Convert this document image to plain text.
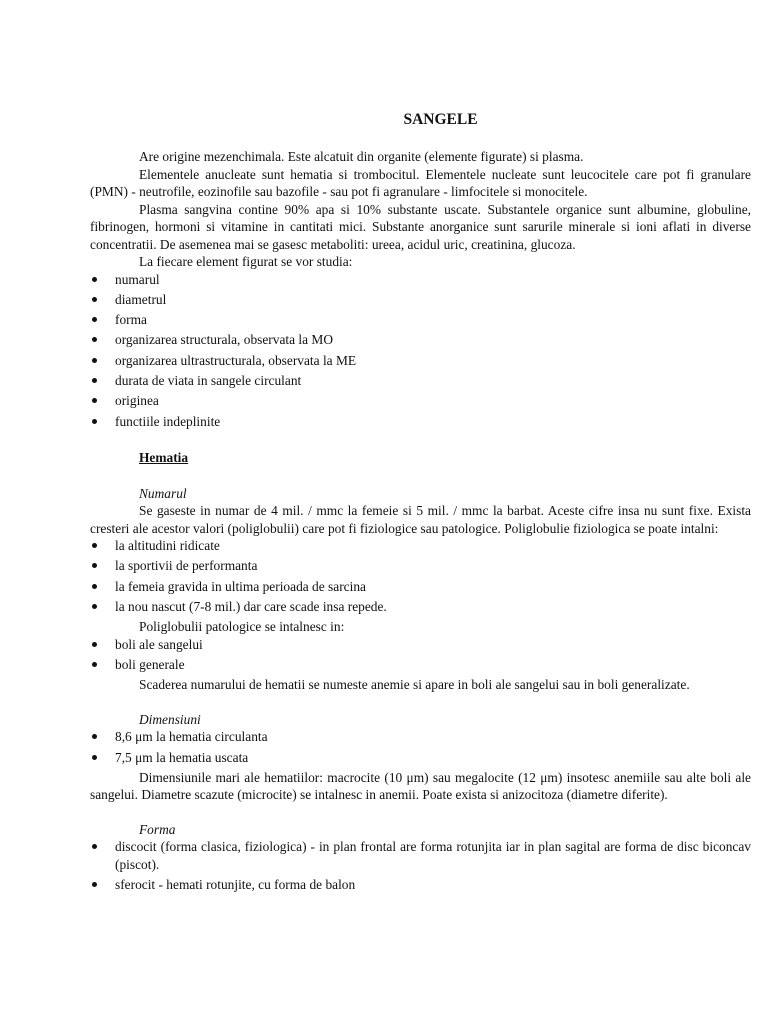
SANGELE

Are origine mezenchimala. Este alcatuit din organite (elemente figurate) si plasma.

Elementele anucleate sunt hematia si trombocitul. Elementele nucleate sunt leucocitele care pot fi granulare (PMN) - neutrofile, eozinofile sau bazofile - sau pot fi agranulare - limfocitele si monocitele.

Plasma sangvina contine 90% apa si 10% substante uscate. Substantele organice sunt albumine, globuline, fibrinogen, hormoni si vitamine in cantitati mici. Substante anorganice sunt sarurile minerale si ioni aflati in diverse concentratii. De asemenea mai se gasesc metaboliti: ureea, acidul uric, creatinina, glucoza.

La fiecare element figurat se vor studia:

numarul
diametrul
forma
organizarea structurala, observata la MO
organizarea ultrastructurala, observata la ME
durata de viata in sangele circulant
originea
functiile indeplinite

Hematia

Numarul

Se gaseste in numar de 4 mil. / mmc la femeie si 5 mil. / mmc la barbat. Aceste cifre insa nu sunt fixe. Exista cresteri ale acestor valori (poliglobulii) care pot fi fiziologice sau patologice. Poliglobulie fiziologica se poate intalni:

la altitudini ridicate
la sportivii de performanta
la femeia gravida in ultima perioada de sarcina
la nou nascut (7-8 mil.) dar care scade insa repede.

Poliglobulii patologice se intalnesc in:

boli ale sangelui
boli generale

Scaderea numarului de hematii se numeste anemie si apare in boli ale sangelui sau in boli generalizate.

Dimensiuni

8,6 μm la hematia circulanta
7,5 μm la hematia uscata

Dimensiunile mari ale hematiilor: macrocite (10 μm) sau megalocite (12 μm) insotesc anemiile sau alte boli ale sangelui. Diametre scazute (microcite) se intalnesc in anemii. Poate exista si anizocitoza (diametre diferite).

Forma

discocit (forma clasica, fiziologica) - in plan frontal are forma rotunjita iar in plan sagital are forma de disc biconcav (piscot).
sferocit - hemati rotunjite, cu forma de balon
